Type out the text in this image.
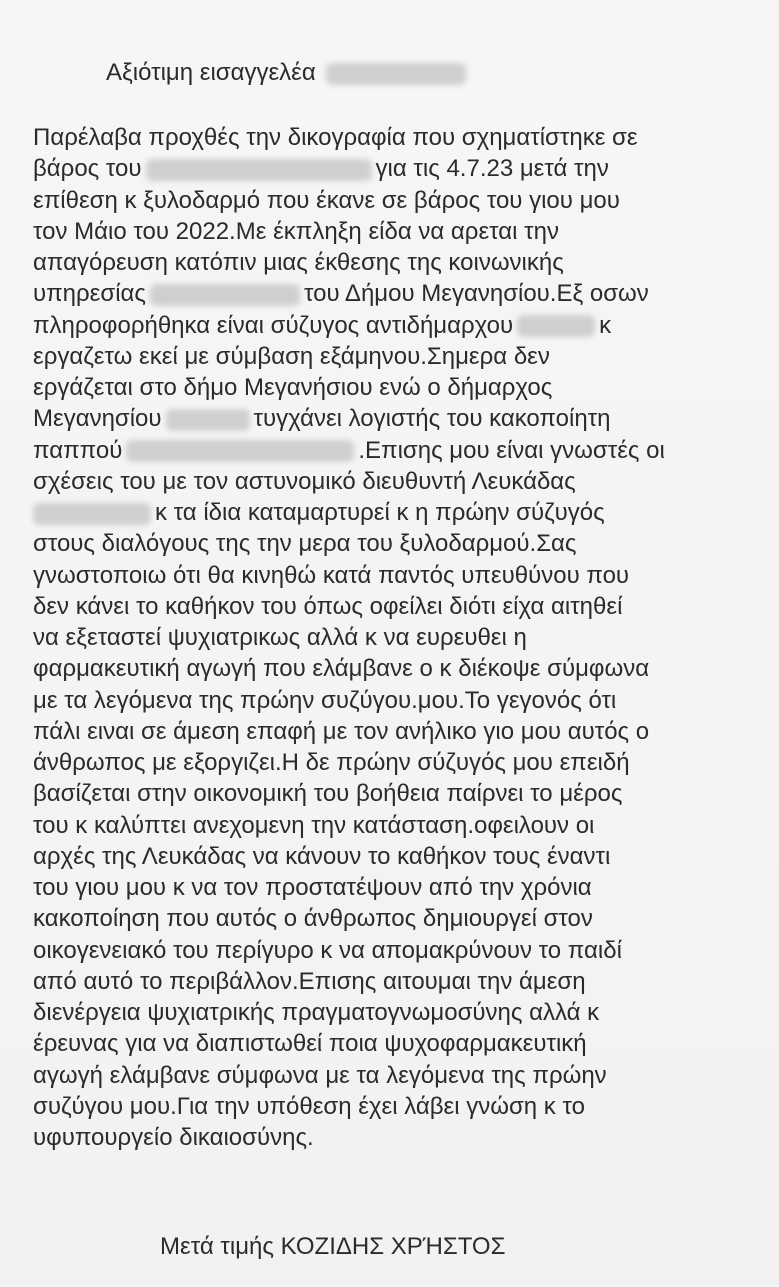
Αξιότιμη εισαγγελέα
Παρέλαβα προχθές την δικογραφία που σχηματίστηκε σε
βάρος του	για τις 4.7.23 μετά την
επίθεση κ ξυλοδαρμό που έκανε σε βάρος του γιου μου
τον Μάιο του 2022.Με έκπληξη είδα να αρεται την
απαγόρευση κατόπιν μιας έκθεσης της κοινωνικής
υπηρεσίας	του Δήμου Μεγανησίου.Εξ οσων
πληροφορήθηκα είναι σύζυγος αντιδήμαρχου	κ
εργαζετω εκεί με σύμβαση εξάμηνου.Σημερα δεν
εργάζεται στο δήμο Μεγανήσιου ενώ ο δήμαρχος
Μεγανησίου	τυγχάνει λογιστής του κακοποίητη
παππού	.Επισης μου είναι γνωστές οι
σχέσεις του με τον αστυνομικό διευθυντή Λευκάδας
κ τα ίδια καταμαρτυρεί κ η πρώην σύζυγός
στους διαλόγους της την μερα του ξυλοδαρμού.Σας
γνωστοποιω ότι θα κινηθώ κατά παντός υπευθύνου που
δεν κάνει το καθήκον του όπως οφείλει διότι είχα αιτηθεί
να εξεταστεί ψυχιατρικως αλλά κ να ευρευθει η
φαρμακευτική αγωγή που ελάμβανε ο κ διέκοψε σύμφωνα
με τα λεγόμενα της πρώην συζύγου.μου.Το γεγονός ότι
πάλι ειναι σε άμεση επαφή με τον ανήλικο γιο μου αυτός ο
άνθρωπος με εξοργιζει.Η δε πρώην σύζυγός μου επειδή
βασίζεται στην οικονομική του βοήθεια παίρνει το μέρος
του κ καλύπτει ανεχομενη την κατάσταση.οφειλουν οι
αρχές της Λευκάδας να κάνουν το καθήκον τους έναντι
του γιου μου κ να τον προστατέψουν από την χρόνια
κακοποίηση που αυτός ο άνθρωπος δημιουργεί στον
οικογενειακό του περίγυρο κ να απομακρύνουν το παιδί
από αυτό το περιβάλλον.Επισης αιτουμαι την άμεση
διενέργεια ψυχιατρικής πραγματογνωμοσύνης αλλά κ
έρευνας για να διαπιστωθεί ποια ψυχοφαρμακευτική
αγωγή ελάμβανε σύμφωνα με τα λεγόμενα της πρώην
συζύγου μου.Για την υπόθεση έχει λάβει γνώση κ το
υφυπουργείο δικαιοσύνης.
Μετά τιμής ΚΟΖΙΔΗΣ ΧΡΉΣΤΟΣ
